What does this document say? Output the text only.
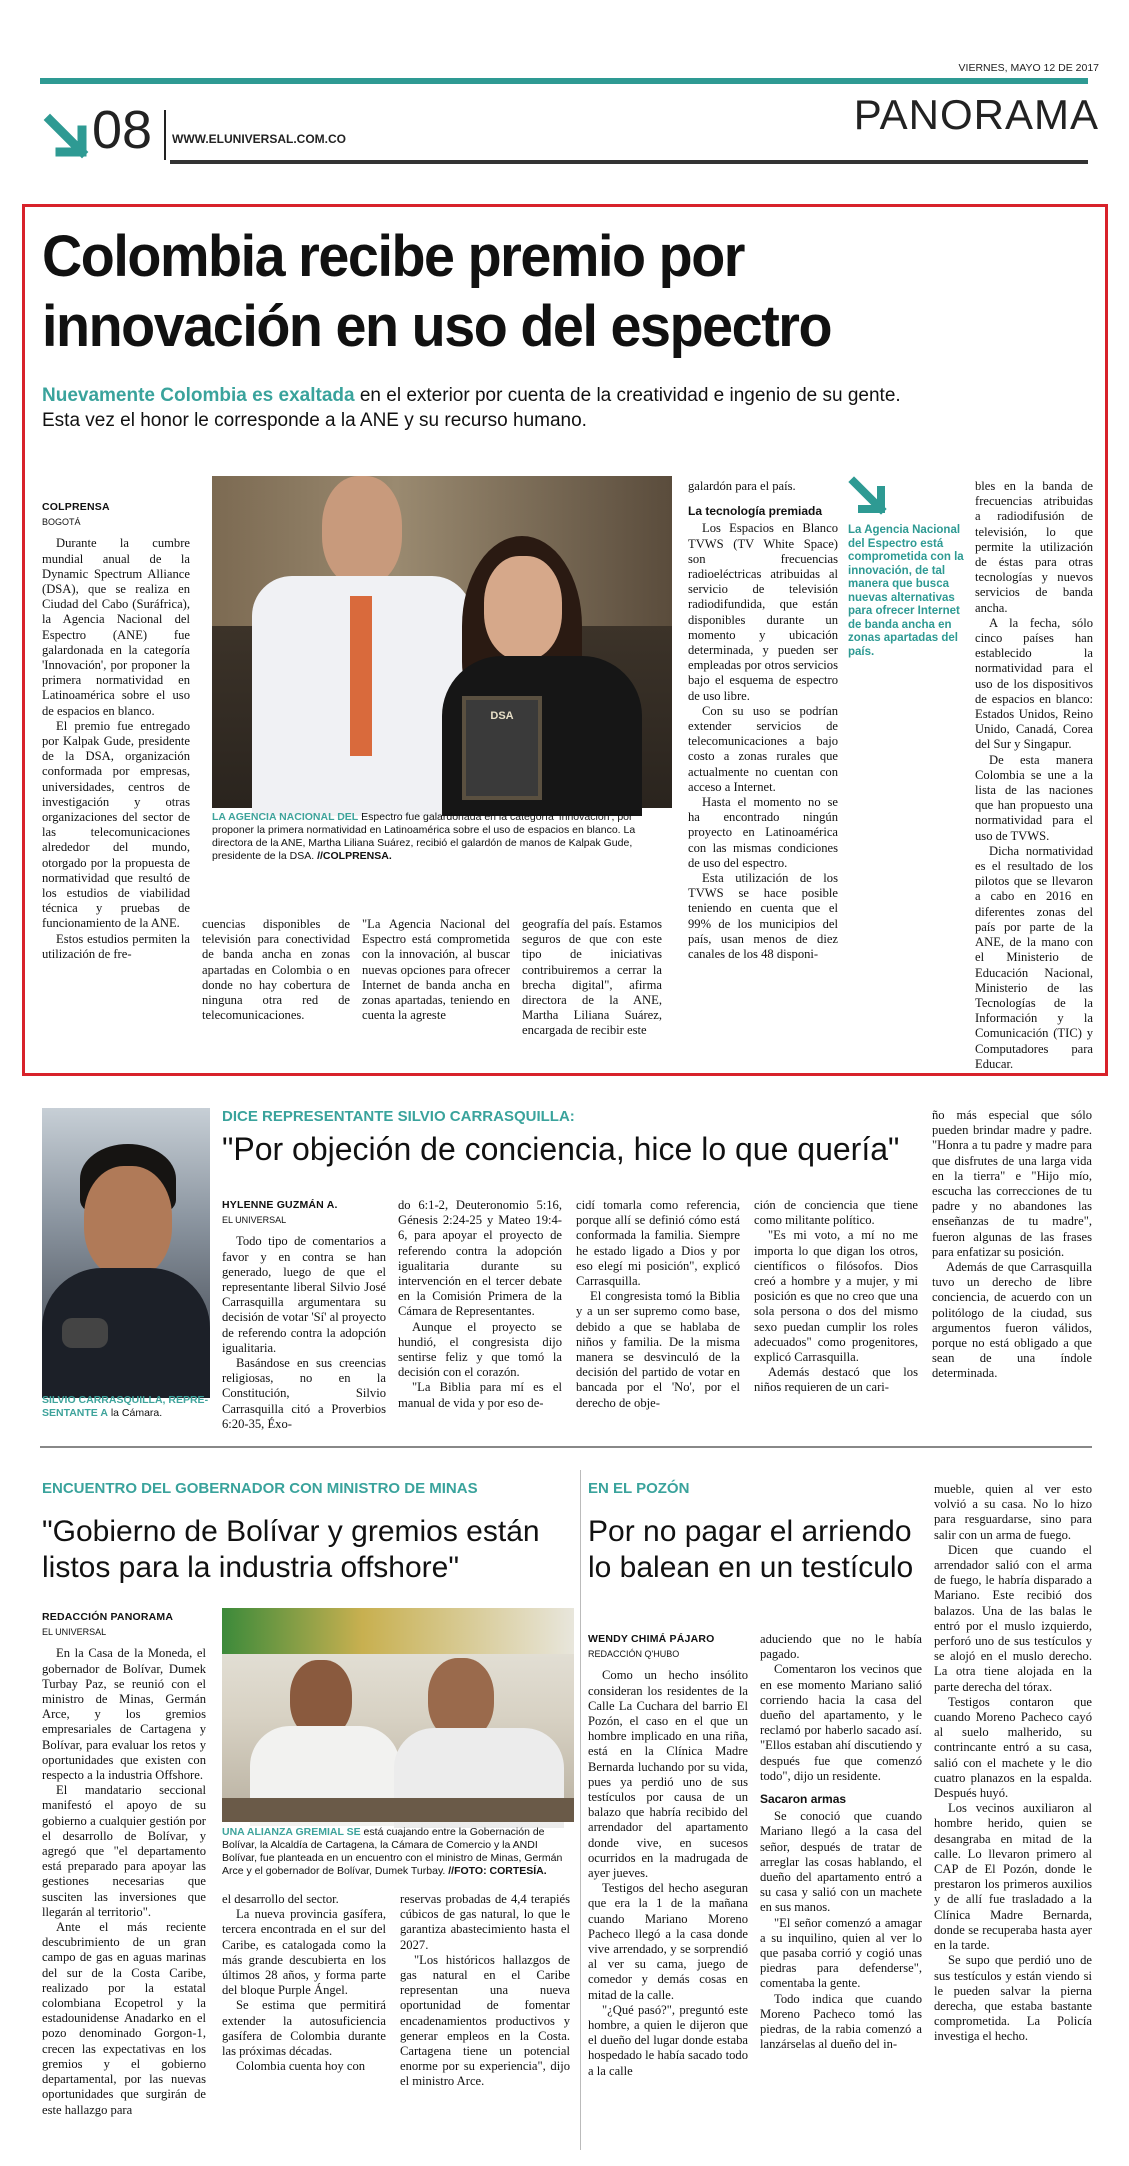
VIERNES, MAYO 12 DE 2017
PANORAMA
08 WWW.ELUNIVERSAL.COM.CO
Colombia recibe premio por
innovación en uso del espectro
Nuevamente Colombia es exaltada en el exterior por cuenta de la creatividad e ingenio de su gente. Esta vez el honor le corresponde a la ANE y su recurso humano.
COLPRENSA
BOGOTÁ

Durante la cumbre mundial anual de la Dynamic Spectrum Alliance (DSA), que se realiza en Ciudad del Cabo (Suráfrica), la Agencia Nacional del Espectro (ANE) fue galardonada en la categoría 'Innovación', por proponer la primera normatividad en Latinoamérica sobre el uso de espacios en blanco.

El premio fue entregado por Kalpak Gude, presidente de la DSA, organización conformada por empresas, universidades, centros de investigación y otras organizaciones del sector de las telecomunicaciones alrededor del mundo, otorgado por la propuesta de normatividad que resultó de los estudios de viabilidad técnica y pruebas de funcionamiento de la ANE.

Estos estudios permiten la utilización de fre-

DSA
LA AGENCIA NACIONAL DEL Espectro fue galardonada en la categoría 'Innovación', por proponer la primera normatividad en Latinoamérica sobre el uso de espacios en blanco. La directora de la ANE, Martha Liliana Suárez, recibió el galardón de manos de Kalpak Gude, presidente de la DSA. //COLPRENSA.

cuencias disponibles de televisión para conectividad de banda ancha en zonas apartadas en Colombia o en donde no hay cobertura de ninguna otra red de telecomunicaciones.

"La Agencia Nacional del Espectro está comprometida con la innovación, al buscar nuevas opciones para ofrecer Internet de banda ancha en zonas apartadas, teniendo en cuenta la agreste

geografía del país. Estamos seguros de que con este tipo de iniciativas contribuiremos a cerrar la brecha digital", afirma directora de la ANE, Martha Liliana Suárez, encargada de recibir este

galardón para el país.

La tecnología premiada

Los Espacios en Blanco TVWS (TV White Space) son frecuencias radioeléctricas atribuidas al servicio de televisión radiodifundida, que están disponibles durante un momento y ubicación determinada, y pueden ser empleadas por otros servicios bajo el esquema de espectro de uso libre.

Con su uso se podrían extender servicios de telecomunicaciones a bajo costo a zonas rurales que actualmente no cuentan con acceso a Internet.

Hasta el momento no se ha encontrado ningún proyecto en Latinoamérica con las mismas condiciones de uso del espectro.

Esta utilización de los TVWS se hace posible teniendo en cuenta que el 99% de los municipios del país, usan menos de diez canales de los 48 disponi-

La Agencia Nacional del Espectro está comprometida con la innovación, de tal manera que busca nuevas alternativas para ofrecer Internet de banda ancha en zonas apartadas del país.

bles en la banda de frecuencias atribuidas a radiodifusión de televisión, lo que permite la utilización de éstas para otras tecnologías y nuevos servicios de banda ancha.

A la fecha, sólo cinco países han establecido la normatividad para el uso de los dispositivos de espacios en blanco: Estados Unidos, Reino Unido, Canadá, Corea del Sur y Singapur.

De esta manera Colombia se une a la lista de las naciones que han propuesto una normatividad para el uso de TVWS.

Dicha normatividad es el resultado de los pilotos que se llevaron a cabo en 2016 en diferentes zonas del país por parte de la ANE, de la mano con el Ministerio de Educación Nacional, Ministerio de las Tecnologías de la Información y la Comunicación (TIC) y Computadores para Educar.

SILVIO CARRASQUILLA, REPRE-
SENTANTE A la Cámara.
DICE REPRESENTANTE SILVIO CARRASQUILLA:
"Por objeción de conciencia, hice lo que quería"
HYLENNE GUZMÁN A.
EL UNIVERSAL

Todo tipo de comentarios a favor y en contra se han generado, luego de que el representante liberal Silvio José Carrasquilla argumentara su decisión de votar 'Sí' al proyecto de referendo contra la adopción igualitaria.

Basándose en sus creencias religiosas, no en la Constitución, Silvio Carrasquilla citó a Proverbios 6:20-35, Éxo-

do 6:1-2, Deuteronomio 5:16, Génesis 2:24-25 y Mateo 19:4-6, para apoyar el proyecto de referendo contra la adopción igualitaria durante su intervención en el tercer debate en la Comisión Primera de la Cámara de Representantes.

Aunque el proyecto se hundió, el congresista dijo sentirse feliz y que tomó la decisión con el corazón.

"La Biblia para mí es el manual de vida y por eso de-

cidí tomarla como referencia, porque allí se definió cómo está conformada la familia. Siempre he estado ligado a Dios y por eso elegí mi posición", explicó Carrasquilla.

El congresista tomó la Biblia y a un ser supremo como base, debido a que se hablaba de niños y familia. De la misma manera se desvinculó de la decisión del partido de votar en bancada por el 'No', por el derecho de obje-

ción de conciencia que tiene como militante político.

"Es mi voto, a mí no me importa lo que digan los otros, científicos o filósofos. Dios creó a hombre y a mujer, y mi posición es que no creo que una sola persona o dos del mismo sexo puedan cumplir los roles adecuados" como progenitores, explicó Carrasquilla.

Además destacó que los niños requieren de un cari-

ño más especial que sólo pueden brindar madre y padre. "Honra a tu padre y madre para que disfrutes de una larga vida en la tierra" e "Hijo mío, escucha las correcciones de tu padre y no abandones las enseñanzas de tu madre", fueron algunas de las frases para enfatizar su posición.

Además de que Carrasquilla tuvo un derecho de libre conciencia, de acuerdo con un politólogo de la ciudad, sus argumentos fueron válidos, porque no está obligado a que sean de una índole determinada.

ENCUENTRO DEL GOBERNADOR CON MINISTRO DE MINAS
"Gobierno de Bolívar y gremios están
listos para la industria offshore"
REDACCIÓN PANORAMA
EL UNIVERSAL

En la Casa de la Moneda, el gobernador de Bolívar, Dumek Turbay Paz, se reunió con el ministro de Minas, Germán Arce, y los gremios empresariales de Cartagena y Bolívar, para evaluar los retos y oportunidades que existen con respecto a la industria Offshore.

El mandatario seccional manifestó el apoyo de su gobierno a cualquier gestión por el desarrollo de Bolívar, y agregó que "el departamento está preparado para apoyar las gestiones necesarias que susciten las inversiones que llegarán al territorio".

Ante el más reciente descubrimiento de un gran campo de gas en aguas marinas del sur de la Costa Caribe, realizado por la estatal colombiana Ecopetrol y la estadounidense Anadarko en el pozo denominado Gorgon-1, crecen las expectativas en los gremios y el gobierno departamental, por las nuevas oportunidades que surgirán de este hallazgo para

UNA ALIANZA GREMIAL SE está cuajando entre la Gobernación de Bolívar, la Alcaldía de Cartagena, la Cámara de Comercio y la ANDI Bolívar, fue planteada en un encuentro con el ministro de Minas, Germán Arce y el gobernador de Bolívar, Dumek Turbay. //FOTO: CORTESÍA.

el desarrollo del sector.

La nueva provincia gasífera, tercera encontrada en el sur del Caribe, es catalogada como la más grande descubierta en los últimos 28 años, y forma parte del bloque Purple Ángel.

Se estima que permitirá extender la autosuficiencia gasífera de Colombia durante las próximas décadas.

Colombia cuenta hoy con

reservas probadas de 4,4 terapiés cúbicos de gas natural, lo que le garantiza abastecimiento hasta el 2027.

"Los históricos hallazgos de gas natural en el Caribe representan una nueva oportunidad de fomentar encadenamientos productivos y generar empleos en la Costa. Cartagena tiene un potencial enorme por su experiencia", dijo el ministro Arce.

EN EL POZÓN
Por no pagar el arriendo
lo balean en un testículo
WENDY CHIMÁ PÁJARO
REDACCIÓN Q'HUBO

Como un hecho insólito consideran los residentes de la Calle La Cuchara del barrio El Pozón, el caso en el que un hombre implicado en una riña, está en la Clínica Madre Bernarda luchando por su vida, pues ya perdió uno de sus testículos por causa de un balazo que habría recibido del arrendador del apartamento donde vive, en sucesos ocurridos en la madrugada de ayer jueves.

Testigos del hecho aseguran que era la 1 de la mañana cuando Mariano Moreno Pacheco llegó a la casa donde vive arrendado, y se sorprendió al ver su cama, juego de comedor y demás cosas en mitad de la calle.

"¿Qué pasó?", preguntó este hombre, a quien le dijeron que el dueño del lugar donde estaba hospedado le había sacado todo a la calle

aduciendo que no le había pagado.

Comentaron los vecinos que en ese momento Mariano salió corriendo hacia la casa del dueño del apartamento, y le reclamó por haberlo sacado así. "Ellos estaban ahí discutiendo y después fue que comenzó todo", dijo un residente.

Sacaron armas

Se conoció que cuando Mariano llegó a la casa del señor, después de tratar de arreglar las cosas hablando, el dueño del apartamento entró a su casa y salió con un machete en sus manos.

"El señor comenzó a amagar a su inquilino, quien al ver lo que pasaba corrió y cogió unas piedras para defenderse", comentaba la gente.

Todo indica que cuando Moreno Pacheco tomó las piedras, de la rabia comenzó a lanzárselas al dueño del in-

mueble, quien al ver esto volvió a su casa. No lo hizo para resguardarse, sino para salir con un arma de fuego.

Dicen que cuando el arrendador salió con el arma de fuego, le habría disparado a Mariano. Este recibió dos balazos. Una de las balas le entró por el muslo izquierdo, perforó uno de sus testículos y se alojó en el muslo derecho. La otra tiene alojada en la parte derecha del tórax.

Testigos contaron que cuando Moreno Pacheco cayó al suelo malherido, su contrincante entró a su casa, salió con el machete y le dio cuatro planazos en la espalda. Después huyó.

Los vecinos auxiliaron al hombre herido, quien se desangraba en mitad de la calle. Lo llevaron primero al CAP de El Pozón, donde le prestaron los primeros auxilios y de allí fue trasladado a la Clínica Madre Bernarda, donde se recuperaba hasta ayer en la tarde.

Se supo que perdió uno de sus testículos y están viendo si le pueden salvar la pierna derecha, que estaba bastante comprometida. La Policía investiga el hecho.
